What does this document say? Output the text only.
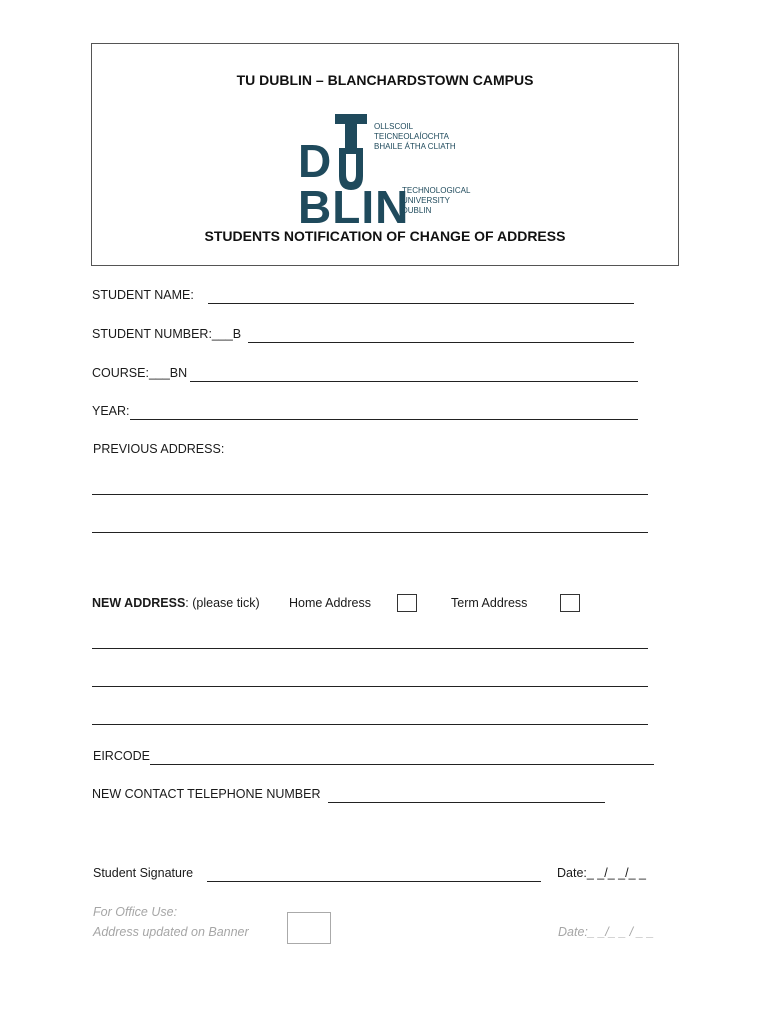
TU DUBLIN – BLANCHARDSTOWN CAMPUS
DBLIN
OLLSCOIL TEICNEOLAÍOCHTA
BHAILE ÁTHA CLIATH
TECHNOLOGICAL
UNIVERSITY DUBLIN
STUDENTS NOTIFICATION OF CHANGE OF ADDRESS
STUDENT NAME:
STUDENT NUMBER:___B
COURSE:___BN
YEAR:
PREVIOUS ADDRESS:
NEW ADDRESS: (please tick) Home Address	Term Address
EIRCODE
NEW CONTACT TELEPHONE NUMBER
Student Signature	Date:_ _/_ _/_ _
For Office Use:
Address updated on Banner	Date:_ _/_ _ / _ _
